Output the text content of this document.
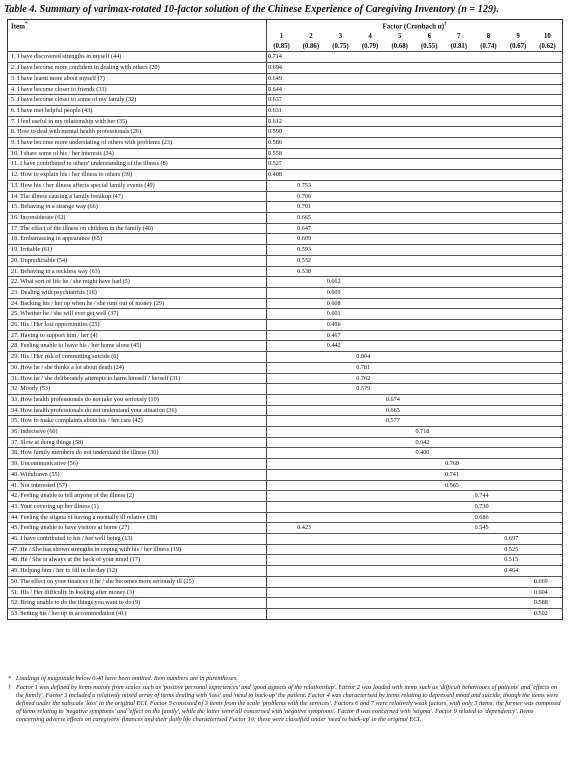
Table 4. Summary of varimax-rotated 10-factor solution of the Chinese Experience of Caregiving Inventory (n = 129).
Item*	Factor (Cronbach α)†
	1	2	3	4	5	6	7	8	9	10
	(0.85)	(0.86)	(0.75)	(0.79)	(0.68)	(0.55)	(0.81)	(0.74)	(0.67)	(0.62)
1. I have discovered strengths in myself (44)	0.714									
2. I have become more confident in dealing with others (20)	0.694									
3. I have learnt more about myself (7)	0.649									
4. I have become closer to friends (33)	0.644									
5. I have become closer to some of my family (32)	0.637									
6. I have met helpful people (43)	0.631									
7. I feel useful in my relationship with her (35)	0.612									
8. How to deal with mental health professionals (26)	0.590									
9. I have become more understating of others with problems (23)	0.586									
10. I share some of his / her interests (34)	0.558									
11. I have contributed to others' understanding of the illness (8)	0.527									
12. How to explain his / her illness to others (39)	0.408									
13. How his / her illness affects special family events (49)		0.753								
14. The illness causing a family breakup (47)		0.706								
15. Behaving in a strange way (66)		0.701								
16. Inconsiderate (62)		0.665								
17. The effect of the illness on children in the family (46)		0.647								
18. Embarrassing in appearance (65)		0.609								
19. Irritable (61)		0.593								
20. Unpredictable (54)		0.552								
21. Behaving in a reckless way (63)		0.538								
22. What sort of life he / she might have had (5)			0.662							
23. Dealing with psychiatrists (16)			0.609							
24. Backing his / her up when he / she runs out of money (29)			0.608							
25. Whether he / she will ever get well (37)			0.601							
26. His / Her lost opportunities (25)			0.496							
27. Having to support him / her (4)			0.467							
28. Feeling unable to leave his / her home alone (45)			0.442							
29. His / Her risk of committing suicide (6)				0.804						
30. How he / she thinks a lot about death (24)				0.781						
31. How he / she deliberately attempts to harm himself / herself (31)				0.762						
32. Moody (53)				0.579						
33. How health professionals do not take you seriously (10)					0.674					
34. How health professionals do not understand your situation (36)					0.665					
35. How to make complaints about his / her care (42)					0.577					
36. Indecisive (60)						0.718				
37. Slow at doing things (58)						0.642				
38. How family members do not understand the illness (30)						0.400				
39. Uncommunicative (56)							0.768			
40. Withdrawn (55)							0.741			
41. Not interested (57)							0.565			
42. Feeling unable to tell anyone of the illness (2)								0.744		
43. Your covering up her illness (1)								0.730		
44. Feeling the stigma of having a mentally ill relative (38)								0.686		
45. Feeling unable to have visitors at home (27)		0.423						0.545		
46. I have contributed to his / her well being (13)									0.697	
47. He / She has shown strengths in coping with his / her illness (19)									0.525	
48. He / She is always at the back of your mind (17)									0.515	
49. Helping him / her to fill in the day (12)									0.464	
50. The effect on your finances if he / she becomes more seriously ill (15)										0.669
51. His / Her difficulty in looking after money (3)										0.604
52. Being unable to do the things you want to do (9)										0.588
53. Setting his / her up in accommodation (41)										0.502
* Loadings of magnitude below 0.40 have been omitted. Item numbers are in parentheses.
† Factor 1 was defined by items mainly from scales such as 'positive personal experiences' and 'good aspects of the relationship'. Factor 2 was loaded with items such as 'difficult behaviours of patients' and 'effects on the family'. Factor 3 included a relatively mixed array of items dealing with 'loss' and 'need to back-up' the patient. Factor 4 was characterised by items relating to depressed mood and suicide, though the items were defined under the subscale 'loss' in the original ECI. Factor 5 consisted of 3 items from the scale 'problems with the services'. Factors 6 and 7 were relatively weak factors, with only 3 items; the former was composed of items relating to 'negative symptoms' and 'effect on the family', while the latter were all concerned with 'negative symptoms'. Factor 8 was concerned with 'stigma'. Factor 9 related to 'dependency'. Items concerning adverse effects on caregivers' finances and their daily life characterised Factor 10; these were classified under 'need to back-up' in the original ECI.
